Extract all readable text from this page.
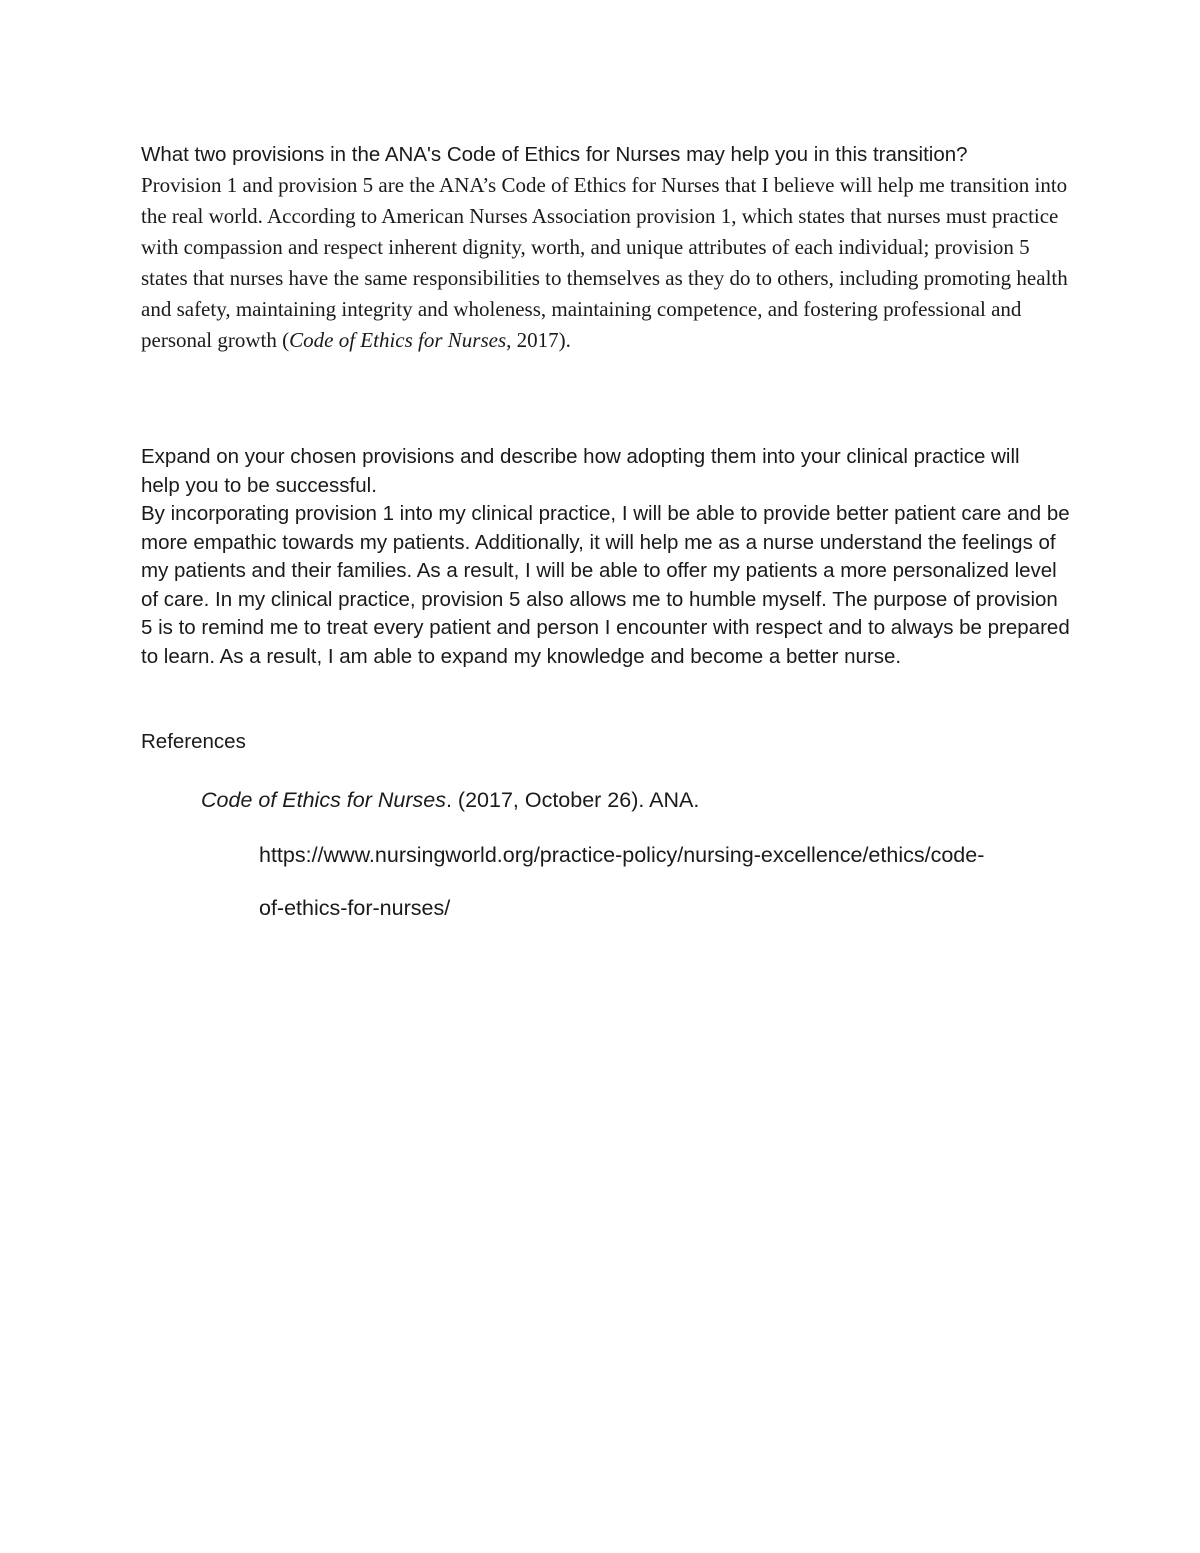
What two provisions in the ANA's Code of Ethics for Nurses may help you in this transition?

Provision 1 and provision 5 are the ANA’s Code of Ethics for Nurses that I believe will help me transition into the real world. According to American Nurses Association provision 1, which states that nurses must practice with compassion and respect inherent dignity, worth, and unique attributes of each individual; provision 5 states that nurses have the same responsibilities to themselves as they do to others, including promoting health and safety, maintaining integrity and wholeness, maintaining competence, and fostering professional and personal growth (Code of Ethics for Nurses, 2017).

Expand on your chosen provisions and describe how adopting them into your clinical practice will help you to be successful.

By incorporating provision 1 into my clinical practice, I will be able to provide better patient care and be more empathic towards my patients. Additionally, it will help me as a nurse understand the feelings of my patients and their families. As a result, I will be able to offer my patients a more personalized level of care. In my clinical practice, provision 5 also allows me to humble myself. The purpose of provision 5 is to remind me to treat every patient and person I encounter with respect and to always be prepared to learn. As a result, I am able to expand my knowledge and become a better nurse.

References

Code of Ethics for Nurses. (2017, October 26). ANA.

https://www.nursingworld.org/practice-policy/nursing-excellence/ethics/code-

of-ethics-for-nurses/
